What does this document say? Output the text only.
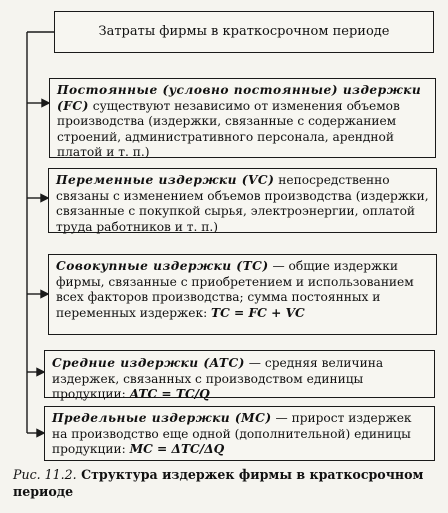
Затраты фирмы в краткосрочном периоде
Постоянные (условно постоянные) издержки (FC) существуют независимо от изменения объемов производства (издержки, связанные с содержанием строений, административного персонала, арендной платой и т. п.)
Переменные издержки (VC) непосредственно связаны с изменением объемов производства (издержки, связанные с покупкой сырья, электроэнергии, оплатой труда работников и т. п.)
Совокупные издержки (TC) — общие издержки фирмы, связанные с приобретением и использованием всех факторов производства; сумма постоянных и переменных издержек: TC = FC + VC
Средние издержки (ATC) — средняя величина издержек, связанных с производством единицы продукции: ATC = TC/Q
Предельные издержки (MC) — прирост издержек на производство еще одной (дополнительной) единицы продукции: MC = ΔTC/ΔQ
Рис. 11.2. Структура издержек фирмы в краткосрочном периоде
